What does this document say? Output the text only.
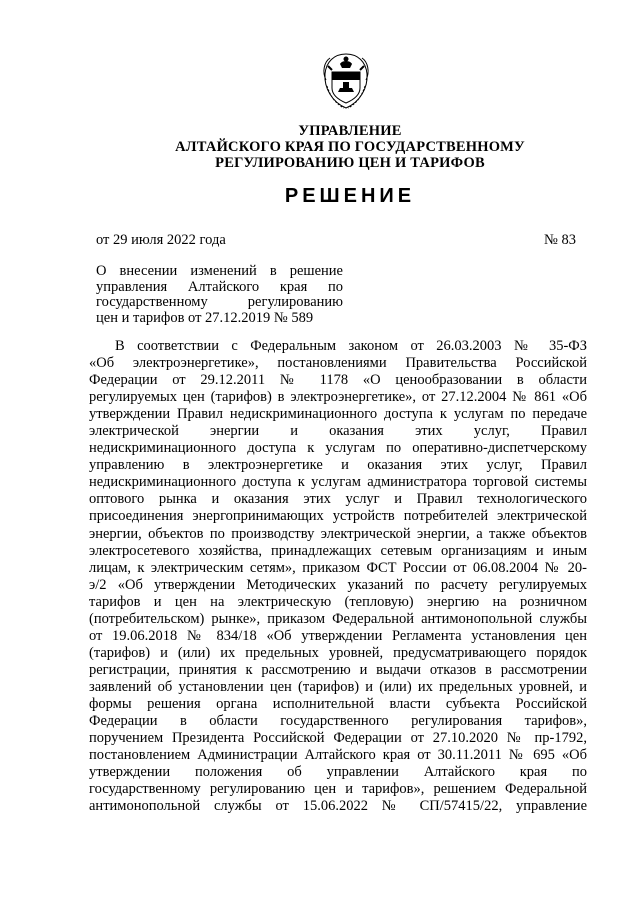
УПРАВЛЕНИЕ
АЛТАЙСКОГО КРАЯ ПО ГОСУДАРСТВЕННОМУ
РЕГУЛИРОВАНИЮ ЦЕН И ТАРИФОВ
РЕШЕНИЕ
от 29 июля 2022 года	№ 83
О внесении изменений в решение
управления Алтайского края по
государственному регулированию
цен и тарифов от 27.12.2019 № 589
В соответствии с Федеральным законом от 26.03.2003 № 35-ФЗ
«Об электроэнергетике», постановлениями Правительства Российской
Федерации от 29.12.2011 № 1178 «О ценообразовании в области
регулируемых цен (тарифов) в электроэнергетике», от 27.12.2004 № 861 «Об
утверждении Правил недискриминационного доступа к услугам по передаче
электрической энергии и оказания этих услуг, Правил
недискриминационного доступа к услугам по оперативно-диспетчерскому
управлению в электроэнергетике и оказания этих услуг, Правил
недискриминационного доступа к услугам администратора торговой системы
оптового рынка и оказания этих услуг и Правил технологического
присоединения энергопринимающих устройств потребителей электрической
энергии, объектов по производству электрической энергии, а также объектов
электросетевого хозяйства, принадлежащих сетевым организациям и иным
лицам, к электрическим сетям», приказом ФСТ России от 06.08.2004 № 20-
э/2 «Об утверждении Методических указаний по расчету регулируемых
тарифов и цен на электрическую (тепловую) энергию на розничном
(потребительском) рынке», приказом Федеральной антимонопольной службы
от 19.06.2018 № 834/18 «Об утверждении Регламента установления цен
(тарифов) и (или) их предельных уровней, предусматривающего порядок
регистрации, принятия к рассмотрению и выдачи отказов в рассмотрении
заявлений об установлении цен (тарифов) и (или) их предельных уровней, и
формы решения органа исполнительной власти субъекта Российской
Федерации в области государственного регулирования тарифов»,
поручением Президента Российской Федерации от 27.10.2020 № пр-1792,
постановлением Администрации Алтайского края от 30.11.2011 № 695 «Об
утверждении положения об управлении Алтайского края по
государственному регулированию цен и тарифов», решением Федеральной
антимонопольной службы от 15.06.2022 № СП/57415/22, управление
